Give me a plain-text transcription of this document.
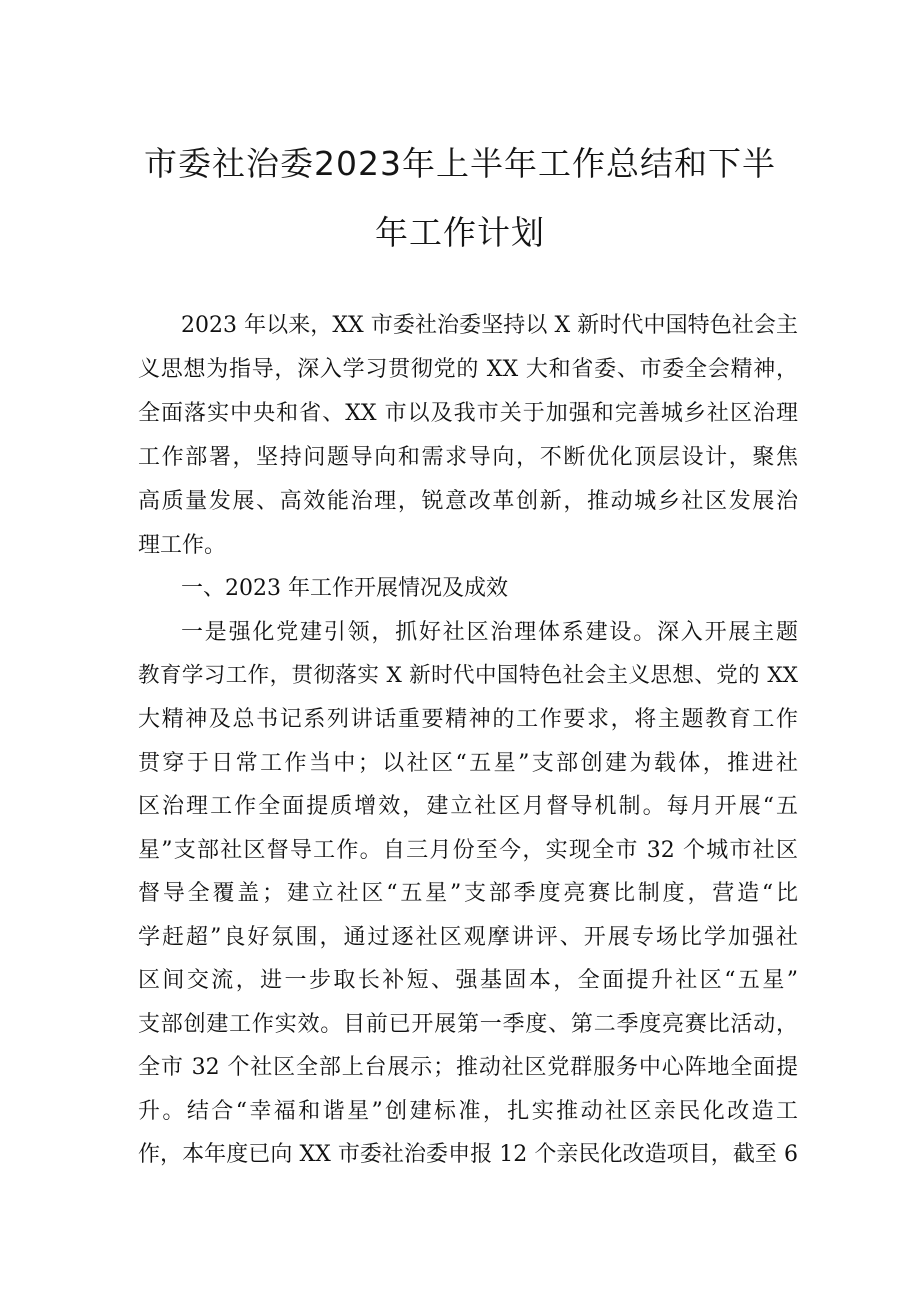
市委社治委2023年上半年工作总结和下半
年工作计划
2023 年以来，XX 市委社治委坚持以 X 新时代中国特色社会主
义思想为指导，深入学习贯彻党的 XX 大和省委、市委全会精神，
全面落实中央和省、XX 市以及我市关于加强和完善城乡社区治理
工作部署，坚持问题导向和需求导向，不断优化顶层设计，聚焦
高质量发展、高效能治理，锐意改革创新，推动城乡社区发展治
理工作。
一、2023 年工作开展情况及成效
一是强化党建引领，抓好社区治理体系建设。深入开展主题
教育学习工作，贯彻落实 X 新时代中国特色社会主义思想、党的 XX
大精神及总书记系列讲话重要精神的工作要求，将主题教育工作
贯穿于日常工作当中；以社区“五星”支部创建为载体，推进社
区治理工作全面提质增效，建立社区月督导机制。每月开展“五
星”支部社区督导工作。自三月份至今，实现全市 32 个城市社区
督导全覆盖；建立社区“五星”支部季度亮赛比制度，营造“比
学赶超”良好氛围，通过逐社区观摩讲评、开展专场比学加强社
区间交流，进一步取长补短、强基固本，全面提升社区“五星”
支部创建工作实效。目前已开展第一季度、第二季度亮赛比活动，
全市 32 个社区全部上台展示；推动社区党群服务中心阵地全面提
升。结合“幸福和谐星”创建标准，扎实推动社区亲民化改造工
作，本年度已向 XX 市委社治委申报 12 个亲民化改造项目，截至 6
